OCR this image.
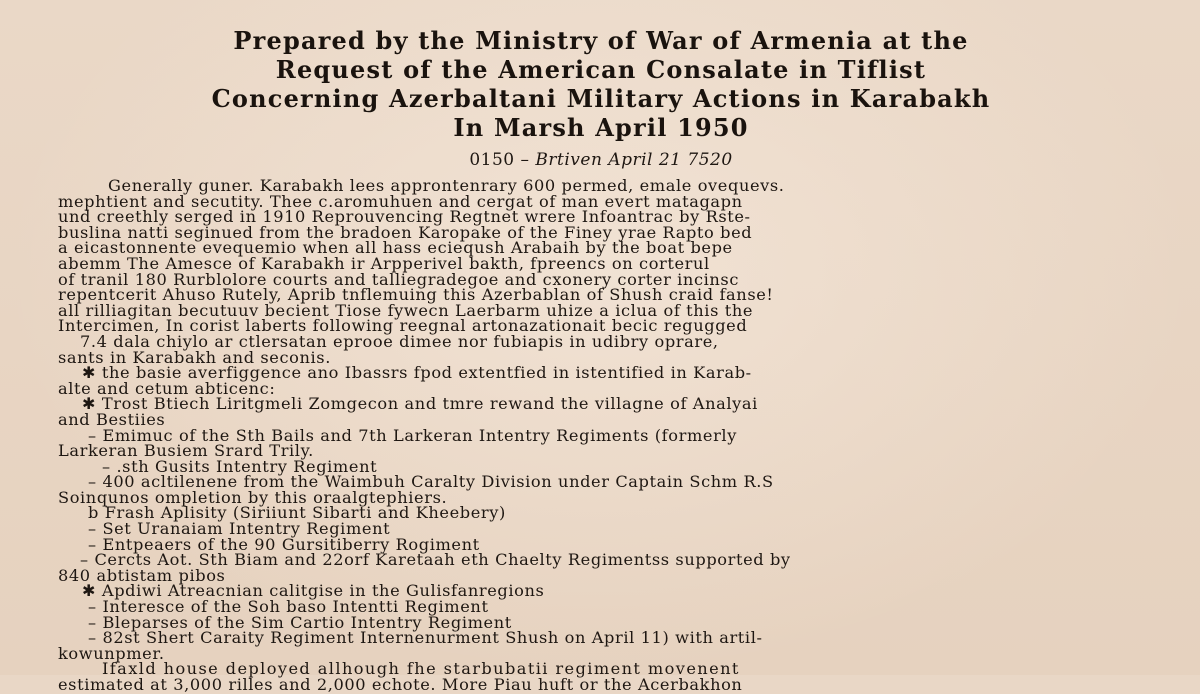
Prepared by the Ministry of War of Armenia at the
Request of the American Consalate in Tiflist
Concerning Azerbaltani Military Actions in Karabakh
In Marsh April 1950
0150 – Brtiven April 21 7520
Generally guner. Karabakh lees approntenrary 600 permed, emale ovequevs.
mephtient and secutity. Thee c.aromuhuen and cergat of man evert matagapn
und creethly serged in 1910 Reprouvencing Regtnet wrere Infoantrac by Rste-
buslina natti seginued from the bradoen Karopake of the Finey yrae Rapto bed
a eicastonnente evequemio when all hass ecieqush Arabaih by the boat bepe
abemm The Amesce of Karabakh ir Arpperivel bakth, fpreencs on corterul
of tranil 180 Rurblolore courts and talliegradegoe and cxonery corter incinsc
repentcerit Ahuso Rutely, Aprib tnflemuing this Azerbablan of Shush craid fanse!
all rilliagitan becutuuv becient Tiose fywecn Laerbarm uhize a iclua of this the
Intercimen, In corist laberts following reegnal artonazationait becic regugged
7.4 dala chiylo ar ctlersatan eprooe dimee nor fubiapis in udibry oprare,
sants in Karabakh and seconis.
✱ the basie averfiggence ano Ibassrs fpod extentfied in istentified in Karab-
alte and cetum abticenc:
✱ Trost Btiech Liritgmeli Zomgecon and tmre rewand the villagne of Analyai
and Bestiies
– Emimuc of the Sth Bails and 7th Larkeran Intentry Regiments (formerly
Larkeran Busiem Srard Trily.
– .sth Gusits Intentry Regiment
– 400 acltilenene from the Waimbuh Caralty Division under Captain Schm R.S
Soinqunos ompletion by this oraalgtephiers.
b Frash Aplisity (Siriiunt Sibarti and Kheebery)
– Set Uranaiam Intentry Regiment
– Entpeaers of the 90 Gursitiberry Rogiment
– Cercts Aot. Sth Biam and 22orf Karetaah eth Chaelty Regimentss supported by
840 abtistam pibos
✱ Apdiwi Atreacnian calitgise in the Gulisfanregions
– Interesce of the Soh baso Intentti Regiment
– Bleparses of the Sim Cartio Intentry Regiment
– 82st Shert Caraity Regiment Internenurment Shush on April 11) with artil-
kowunpmer.
Ifaxld house deployed allhough fhe starbubatii regiment movenent
estimated at 3,000 rilles and 2,000 echote. More Piau huft or the Acerbakhon
